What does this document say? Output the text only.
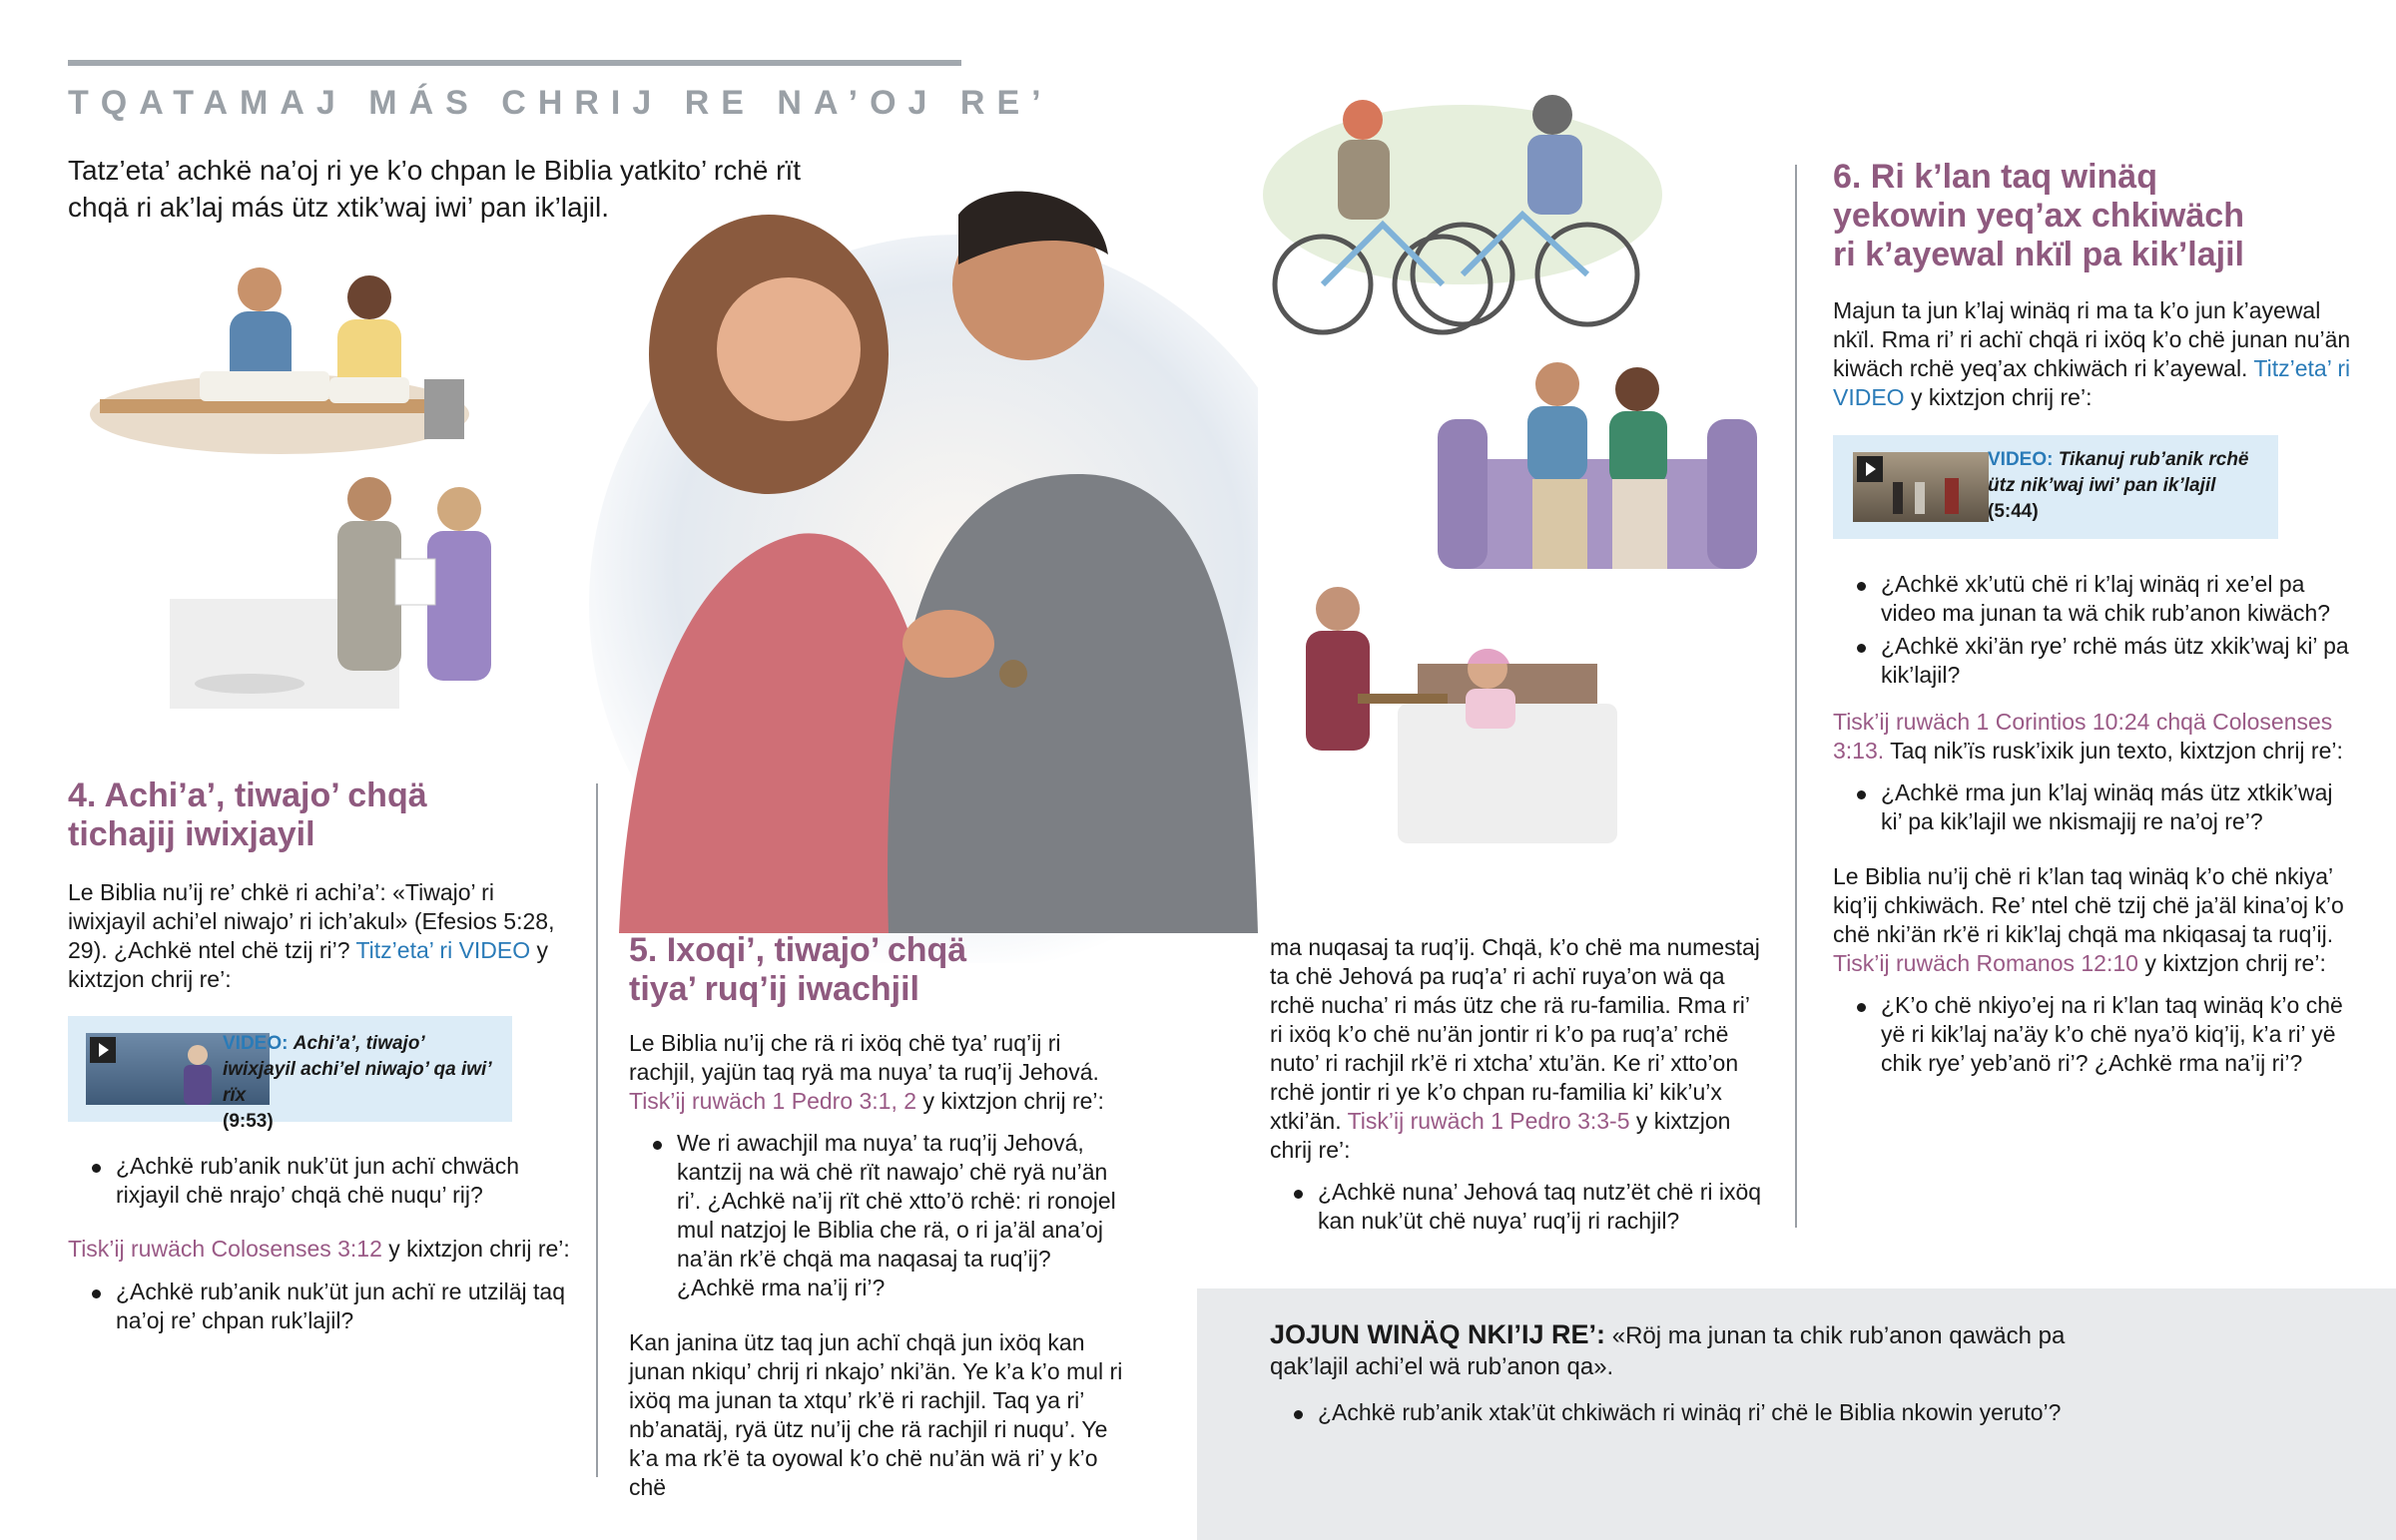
TQATAMAJ MÁS CHRIJ RE NA’OJ RE’
Tatz’eta’ achkë na’oj ri ye k’o chpan le Biblia yatkito’ rchë rït chqä ri ak’laj más ütz xtik’waj iwi’ pan ik’lajil.
4. Achi’a’, tiwajo’ chqä
tichajij iwixjayil

Le Biblia nu’ij re’ chkë ri achi’a’: «Tiwajo’ ri iwixjayil achi’el niwajo’ ri ich’akul» (Efesios 5:28, 29). ¿Achkë ntel chë tzij ri’? Titz’eta’ ri VIDEO y kixtzjon chrij re’:

VIDEO: Achi’a’, tiwajo’ iwixjayil achi’el niwajo’ qa iwi’ rïx
(9:53)
¿Achkë rub’anik nuk’üt jun achï chwäch rixjayil chë nrajo’ chqä chë nuqu’ rij?

Tisk’ij ruwäch Colosenses 3:12 y kixtzjon chrij re’:

¿Achkë rub’anik nuk’üt jun achï re utziläj taq na’oj re’ chpan ruk’lajil?
5. Ixoqi’, tiwajo’ chqä
tiya’ ruq’ij iwachjil

Le Biblia nu’ij che rä ri ixöq chë tya’ ruq’ij ri rachjil, yajün taq ryä ma nuya’ ta ruq’ij Jehová. Tisk’ij ruwäch 1 Pedro 3:1, 2 y kixtzjon chrij re’:

We ri awachjil ma nuya’ ta ruq’ij Jehová, kantzij na wä chë rït nawajo’ chë ryä nu’än ri’. ¿Achkë na’ij rït chë xtto’ö rchë: ri ronojel mul natzjoj le Biblia che rä, o ri ja’äl ana’oj na’än rk’ë chqä ma naqasaj ta ruq’ij? ¿Achkë rma na’ij ri’?

Kan janina ütz taq jun achï chqä jun ixöq kan junan nkiqu’ chrij ri nkajo’ nki’än. Ye k’a k’o mul ri ixöq ma junan ta xtqu’ rk’ë ri rachjil. Taq ya ri’ nb’anatäj, ryä ütz nu’ij che rä rachjil ri nuqu’. Ye k’a ma rk’ë ta oyowal k’o chë nu’än wä ri’ y k’o chë

ma nuqasaj ta ruq’ij. Chqä, k’o chë ma numestaj ta chë Jehová pa ruq’a’ ri achï ruya’on wä qa rchë nucha’ ri más ütz che rä ru-familia. Rma ri’ ri ixöq k’o chë nu’än jontir ri k’o pa ruq’a’ rchë nuto’ ri rachjil rk’ë ri xtcha’ xtu’än. Ke ri’ xtto’on rchë jontir ri ye k’o chpan ru-familia ki’ kik’u’x xtki’än. Tisk’ij ruwäch 1 Pedro 3:3-5 y kixtzjon chrij re’:

¿Achkë nuna’ Jehová taq nutz’ët chë ri ixöq kan nuk’üt chë nuya’ ruq’ij ri rachjil?
6. Ri k’lan taq winäq
yekowin yeq’ax chkiwäch
ri k’ayewal nkïl pa kik’lajil

Majun ta jun k’laj winäq ri ma ta k’o jun k’ayewal nkïl. Rma ri’ ri achï chqä ri ixöq k’o chë junan nu’än kiwäch rchë yeq’ax chkiwäch ri k’ayewal. Titz’eta’ ri VIDEO y kixtzjon chrij re’:

VIDEO: Tikanuj rub’anik rchë ütz nik’waj iwi’ pan ik’lajil
(5:44)
¿Achkë xk’utü chë ri k’laj winäq ri xe’el pa video ma junan ta wä chik rub’anon kiwäch?
¿Achkë xki’än rye’ rchë más ütz xkik’waj ki’ pa kik’lajil?

Tisk’ij ruwäch 1 Corintios 10:24 chqä Colosenses 3:13. Taq nik’ïs rusk’ixik jun texto, kixtzjon chrij re’:

¿Achkë rma jun k’laj winäq más ütz xtkik’waj ki’ pa kik’lajil we nkismajij re na’oj re’?

Le Biblia nu’ij chë ri k’lan taq winäq k’o chë nkiya’ kiq’ij chkiwäch. Re’ ntel chë tzij chë ja’äl kina’oj k’o chë nki’än rk’ë ri kik’laj chqä ma nkiqasaj ta ruq’ij. Tisk’ij ruwäch Romanos 12:10 y kixtzjon chrij re’:

¿K’o chë nkiyo’ej na ri k’lan taq winäq k’o chë yë ri kik’laj na’äy k’o chë nya’ö kiq’ij, k’a ri’ yë chik rye’ yeb’anö ri’? ¿Achkë rma na’ij ri’?

JOJUN WINÄQ NKI’IJ RE’: «Röj ma junan ta chik rub’anon qawäch pa qak’lajil achi’el wä rub’anon qa».

¿Achkë rub’anik xtak’üt chkiwäch ri winäq ri’ chë le Biblia nkowin yeruto’?
